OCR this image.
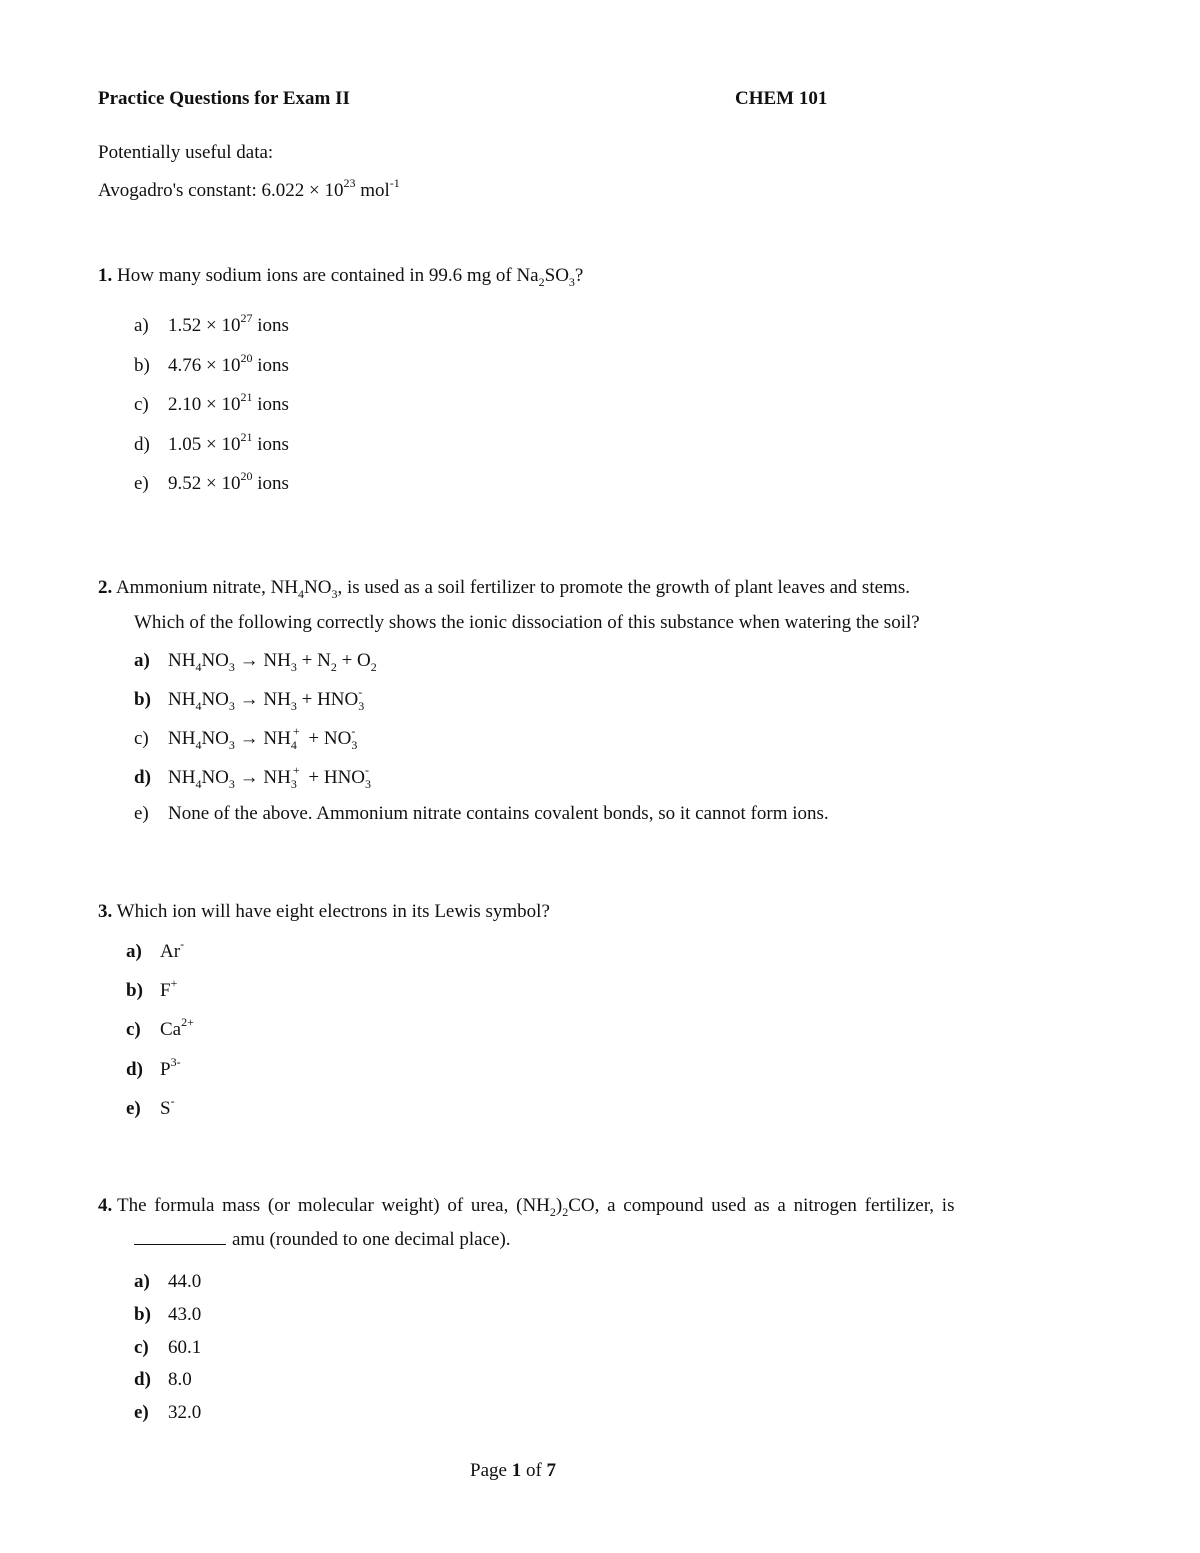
Practice Questions for Exam II	CHEM 101
Potentially useful data:
Avogadro's constant: $6.022 \times 10^{23}$ mol$^{-1}$
1. How many sodium ions are contained in 99.6 mg of $Na_2SO_3$?
a) $1.52 \times 10^{27}$ ions
b) $4.76 \times 10^{20}$ ions
c) $2.10 \times 10^{21}$ ions
d) $1.05 \times 10^{21}$ ions
e) $9.52 \times 10^{20}$ ions
2. Ammonium nitrate, $NH_4NO_3$, is used as a soil fertilizer to promote the growth of plant leaves and stems.
Which of the following correctly shows the ionic dissociation of this substance when watering the soil?
a) $NH_4NO_3 \to NH_3 + N_2 + O_2$
b) $NH_4NO_3 \to NH_3 + HNO_3^-$
c) $NH_4NO_3 \to NH_4^+ + NO_3^-$
d) $NH_4NO_3 \to NH_3^+ + HNO_3^-$
e) None of the above. Ammonium nitrate contains covalent bonds, so it cannot form ions.
3. Which ion will have eight electrons in its Lewis symbol?
a) Ar-
b) F+
c) $Ca^{2+}$
d) $P^{3-}$
e) S-
4. The formula mass (or molecular weight) of urea, $(NH_2)_2CO$, a compound used as a nitrogen fertilizer, is
amu (rounded to one decimal place).
a) 44.0
b) 43.0
c) 60.1
d) 8.0
e) 32.0
Page 1 of 7
